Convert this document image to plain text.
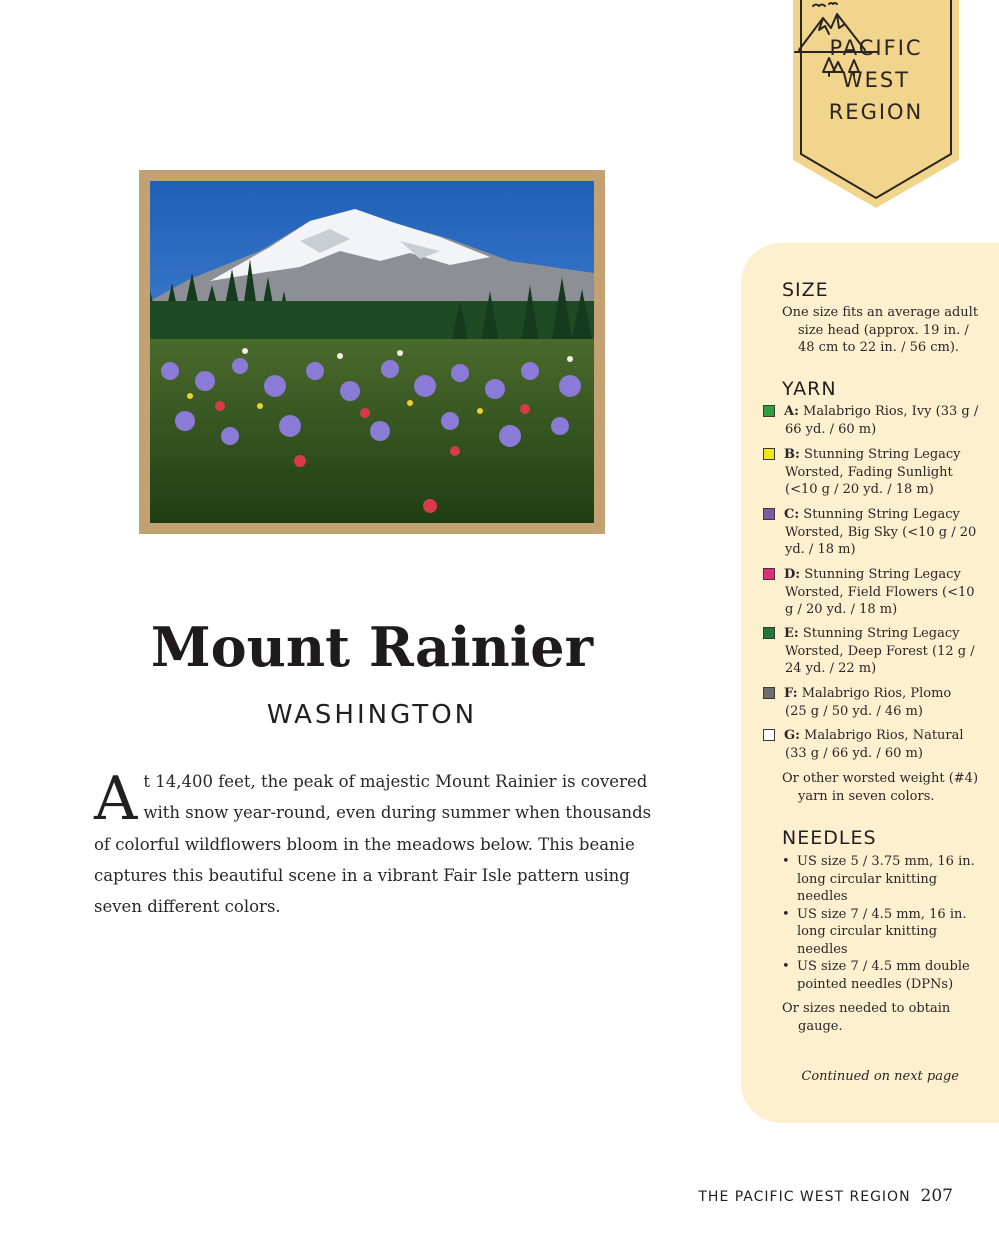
PACIFIC
WEST REGION
Mount Rainier
WASHINGTON

At 14,400 feet, the peak of majestic Mount Rainier is covered with snow year-round, even during summer when thousands of colorful wildflowers bloom in the meadows below. This beanie captures this beautiful scene in a vibrant Fair Isle pattern using seven different colors.

SIZE
One size fits an average adult size head (approx. 19 in. / 48 cm to 22 in. / 56 cm).
YARN
A: Malabrigo Rios, Ivy (33 g /
66 yd. / 60 m)
B: Stunning String Legacy
Worsted, Fading Sunlight (<10 g / 20 yd. / 18 m)
C: Stunning String Legacy
Worsted, Big Sky (<10 g / 20 yd. / 18 m)
D: Stunning String Legacy
Worsted, Field Flowers (<10 g / 20 yd. / 18 m)
E: Stunning String Legacy
Worsted, Deep Forest (12 g / 24 yd. / 22 m)
F: Malabrigo Rios, Plomo
(25 g / 50 yd. / 46 m)
G: Malabrigo Rios, Natural
(33 g / 66 yd. / 60 m)
Or other worsted weight (#4) yarn in seven colors.
NEEDLES
• US size 5 / 3.75 mm, 16 in. long circular knitting needles
• US size 7 / 4.5 mm, 16 in. long circular knitting needles
• US size 7 / 4.5 mm double pointed needles (DPNs)
Or sizes needed to obtain gauge.
Continued on next page
THE PACIFIC WEST REGION 207
